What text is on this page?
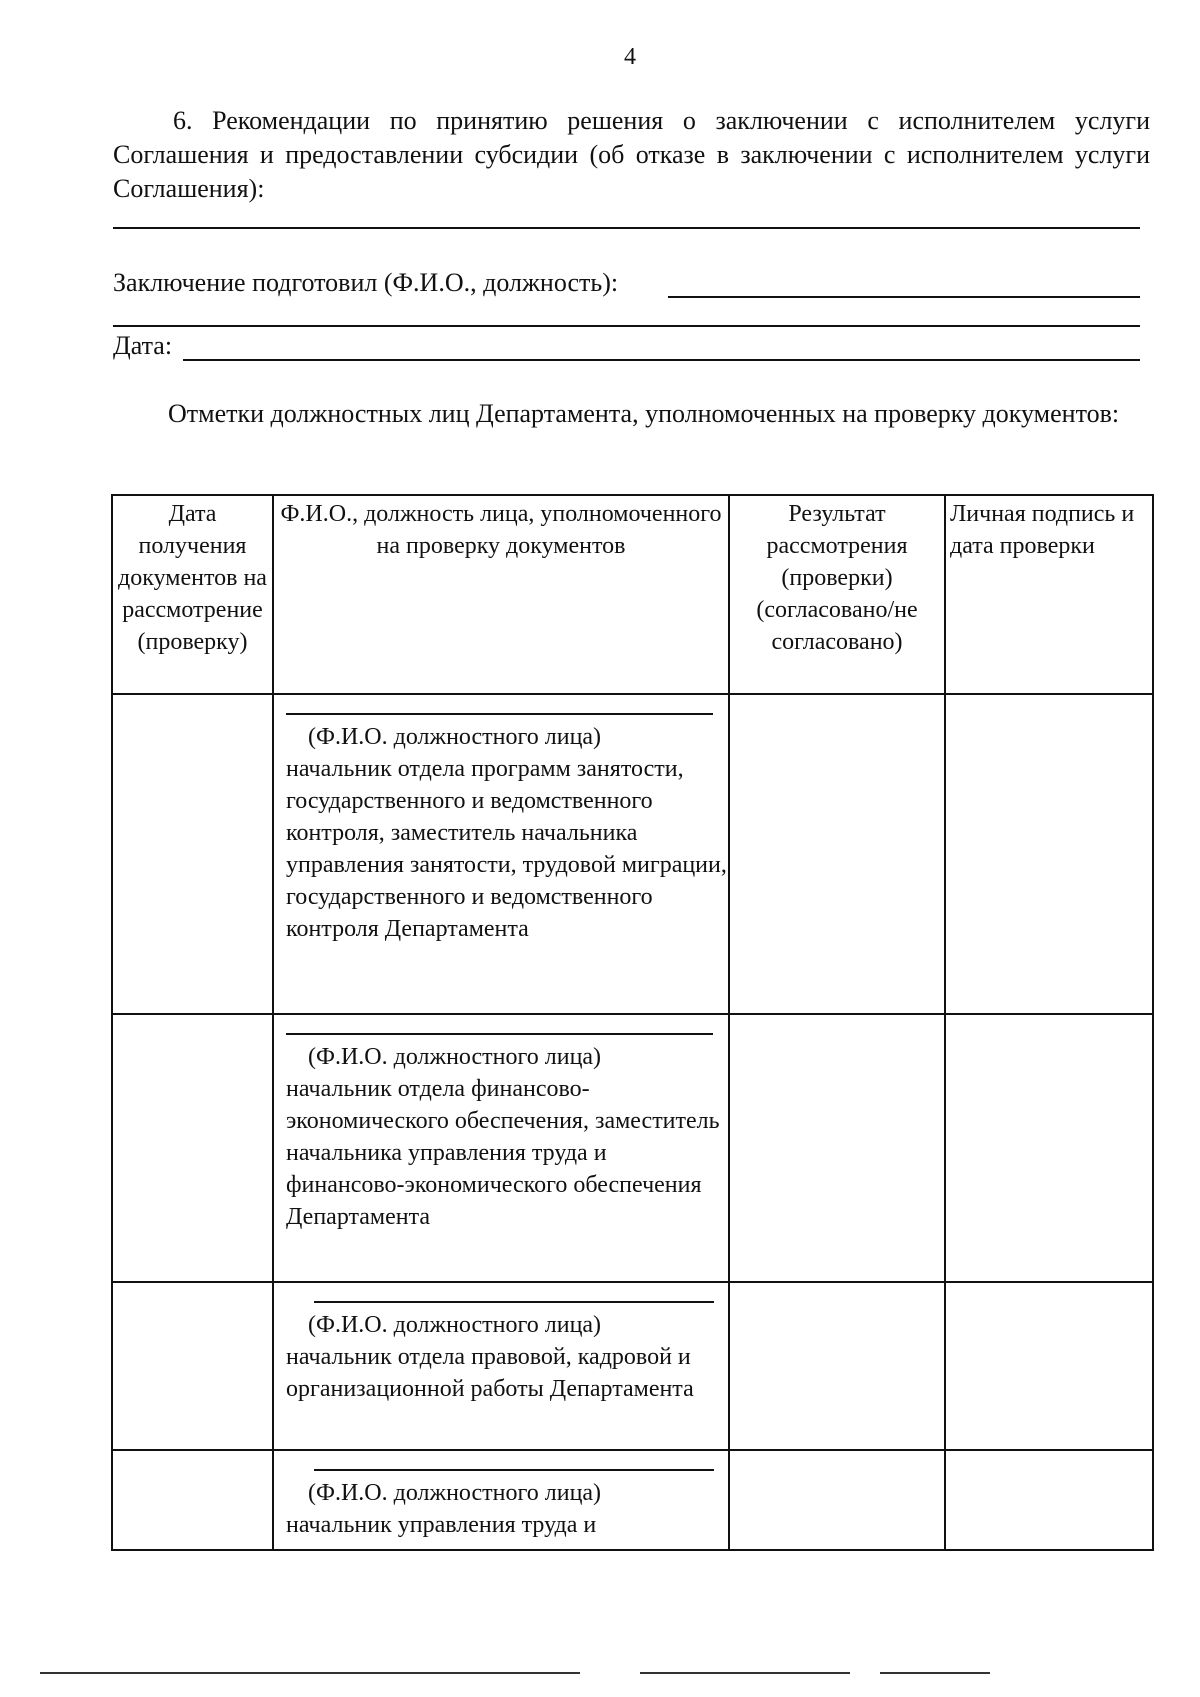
4
6. Рекомендации по принятию решения о заключении с исполнителем услуги Соглашения и предоставлении субсидии (об отказе в заключении с исполнителем услуги Соглашения):
Заключение подготовил (Ф.И.О., должность):
Дата:
Отметки должностных лиц Департамента, уполномоченных на проверку документов:
Дата получения документов на рассмотрение (проверку)	Ф.И.О., должность лица, уполномоченного на проверку документов	Результат рассмотрения (проверки) (согласовано/не согласовано)	Личная подпись и дата проверки

	(Ф.И.О. должностного лица)
начальник отдела программ занятости, государственного и ведомственного контроля, заместитель начальника управления занятости, трудовой миграции, государственного и ведомственного контроля Департамента		

	(Ф.И.О. должностного лица)
начальник отдела финансово-экономического обеспечения, заместитель начальника управления труда и финансово-экономического обеспечения Департамента		

	(Ф.И.О. должностного лица)
начальник отдела правовой, кадровой и организационной работы Департамента		

	(Ф.И.О. должностного лица)
начальник управления труда и		
